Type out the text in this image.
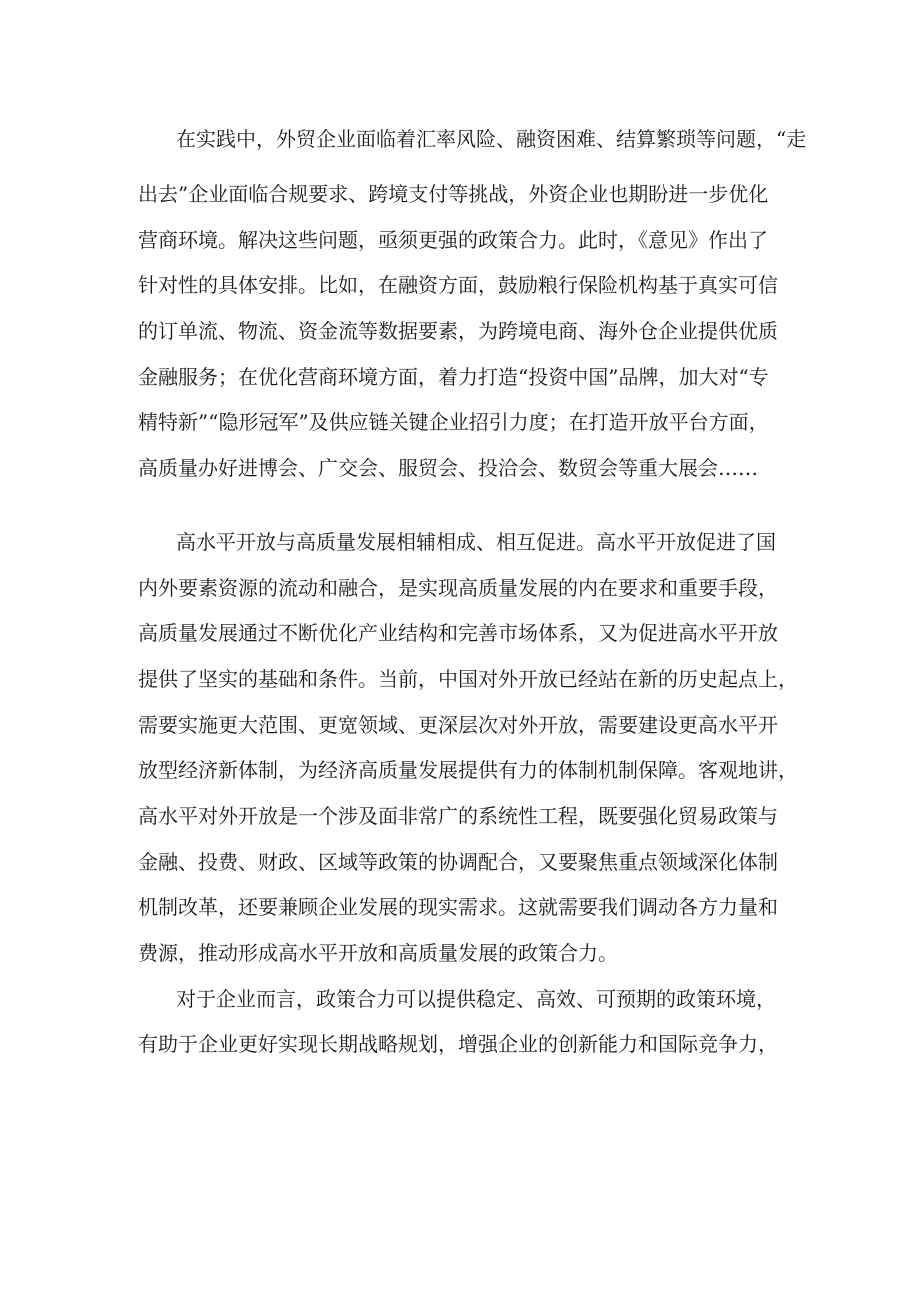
在实践中，外贸企业面临着汇率风险、融资困难、结算繁琐等问题，“走
出去”企业面临合规要求、跨境支付等挑战，外资企业也期盼进一步优化
营商环境。解决这些问题，亟须更强的政策合力。此时，《意见》作出了
针对性的具体安排。比如，在融资方面，鼓励粮行保险机构基于真实可信
的订单流、物流、资金流等数据要素，为跨境电商、海外仓企业提供优质
金融服务；在优化营商环境方面，着力打造“投资中国”品牌，加大对“专
精特新”“隐形冠军”及供应链关键企业招引力度；在打造开放平台方面，
高质量办好进博会、广交会、服贸会、投洽会、数贸会等重大展会……
高水平开放与高质量发展相辅相成、相互促进。高水平开放促进了国
内外要素资源的流动和融合，是实现高质量发展的内在要求和重要手段，
高质量发展通过不断优化产业结构和完善市场体系，又为促进高水平开放
提供了坚实的基础和条件。当前，中国对外开放已经站在新的历史起点上，
需要实施更大范围、更宽领域、更深层次对外开放，需要建设更高水平开
放型经济新体制，为经济高质量发展提供有力的体制机制保障。客观地讲，
高水平对外开放是一个涉及面非常广的系统性工程，既要强化贸易政策与
金融、投费、财政、区域等政策的协调配合，又要聚焦重点领域深化体制
机制改革，还要兼顾企业发展的现实需求。这就需要我们调动各方力量和
费源，推动形成高水平开放和高质量发展的政策合力。
对于企业而言，政策合力可以提供稳定、高效、可预期的政策环境，
有助于企业更好实现长期战略规划，增强企业的创新能力和国际竞争力，
